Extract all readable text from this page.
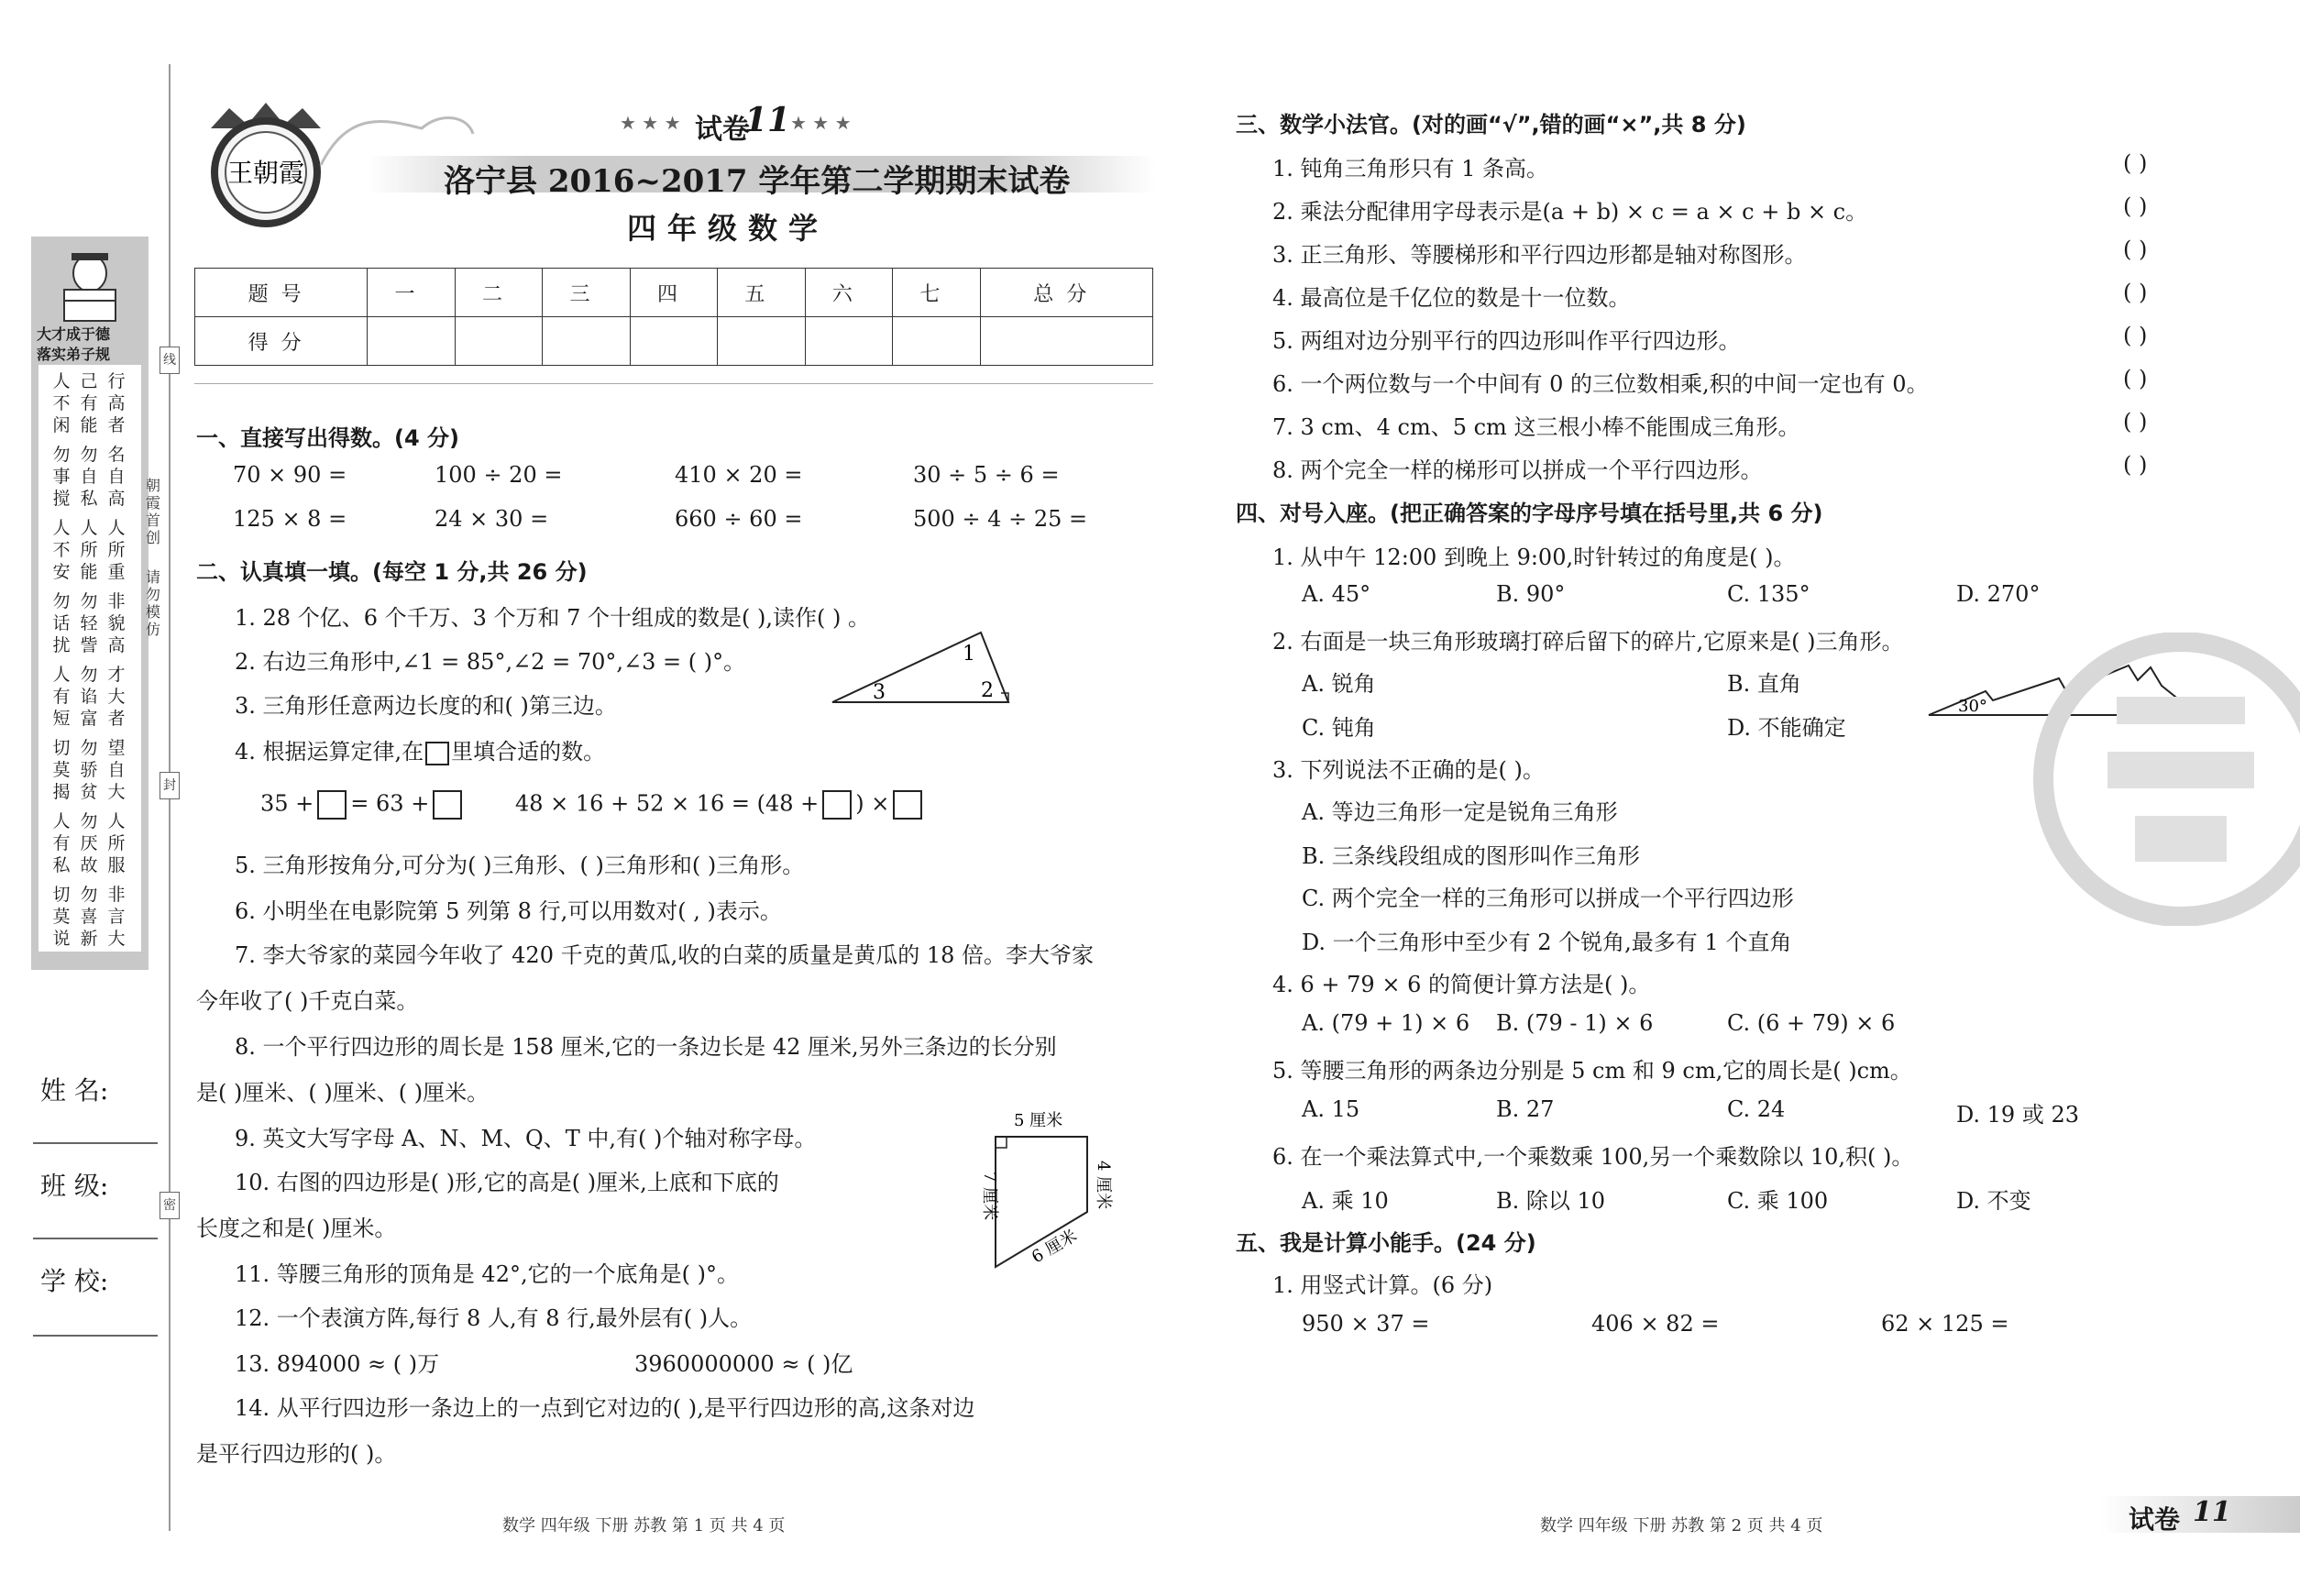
大才成于德
落实弟子规
人不闲
己有能
行高者
勿事搅
勿自私
名自高
人不安
人所能
人所重
勿话扰
勿轻訾
非貌高
人有短
勿谄富
才大者
切莫揭
勿骄贫
望自大
人有私
勿厌故
人所服
切莫说
勿喜新
非言大
朝霞首创
请勿模仿
线
封
密
姓 名:
班 级:
学 校:
王朝霞
★ ★ ★ 试卷
11 ★ ★ ★
洛宁县 2016~2017 学年第二学期期末试卷
四年级数学
题号	一	二	三	四	五	六	七	总分
得分								
一、直接写出得数。(4 分)
70 × 90 =	100 ÷ 20 =	410 × 20 =	30 ÷ 5 ÷ 6 =
125 × 8 =	24 × 30 =	660 ÷ 60 =	500 ÷ 4 ÷ 25 =
二、认真填一填。(每空 1 分,共 26 分)
1. 28 个亿、6 个千万、3 个万和 7 个十组成的数是( ),读作( ) 。
2. 右边三角形中,∠1 = 85°,∠2 = 70°,∠3 = ( )°。	1
2
3
3. 三角形任意两边长度的和( )第三边。
4. 根据运算定律,在 里填合适的数。
35 + = 63 +	48 × 16 + 52 × 16 = (48 + ) ×
5. 三角形按角分,可分为( )三角形、( )三角形和( )三角形。
6. 小明坐在电影院第 5 列第 8 行,可以用数对( , )表示。
7. 李大爷家的菜园今年收了 420 千克的黄瓜,收的白菜的质量是黄瓜的 18 倍。李大爷家
今年收了( )千克白菜。
8. 一个平行四边形的周长是 158 厘米,它的一条边长是 42 厘米,另外三条边的长分别
是( )厘米、( )厘米、( )厘米。
9. 英文大写字母 A、N、M、Q、T 中,有( )个轴对称字母。
5 厘米
4 厘米
6 厘米
7 厘米
10. 右图的四边形是( )形,它的高是( )厘米,上底和下底的
长度之和是( )厘米。
11. 等腰三角形的顶角是 42°,它的一个底角是( )°。
12. 一个表演方阵,每行 8 人,有 8 行,最外层有( )人。
13. 894000 ≈ ( )万	3960000000 ≈ ( )亿
14. 从平行四边形一条边上的一点到它对边的( ),是平行四边形的高,这条对边
是平行四边形的( )。
数学 四年级 下册 苏教 第 1 页 共 4 页
三、数学小法官。(对的画“√”,错的画“×”,共 8 分)
1. 钝角三角形只有 1 条高。	( )
2. 乘法分配律用字母表示是(a + b) × c = a × c + b × c。	( )
3. 正三角形、等腰梯形和平行四边形都是轴对称图形。	( )
4. 最高位是千亿位的数是十一位数。	( )
5. 两组对边分别平行的四边形叫作平行四边形。	( )
6. 一个两位数与一个中间有 0 的三位数相乘,积的中间一定也有 0。	( )
7. 3 cm、4 cm、5 cm 这三根小棒不能围成三角形。	( )
8. 两个完全一样的梯形可以拼成一个平行四边形。	( )
四、对号入座。(把正确答案的字母序号填在括号里,共 6 分)
1. 从中午 12:00 到晚上 9:00,时针转过的角度是( )。
A. 45°	B. 90°	C. 135°	D. 270°
2. 右面是一块三角形玻璃打碎后留下的碎片,它原来是( )三角形。
A. 锐角	B. 直角
C. 钝角	D. 不能确定
30°
3. 下列说法不正确的是( )。
A. 等边三角形一定是锐角三角形
B. 三条线段组成的图形叫作三角形
C. 两个完全一样的三角形可以拼成一个平行四边形
D. 一个三角形中至少有 2 个锐角,最多有 1 个直角
4. 6 + 79 × 6 的简便计算方法是( )。
A. (79 + 1) × 6 B. (79 - 1) × 6	C. (6 + 79) × 6
5. 等腰三角形的两条边分别是 5 cm 和 9 cm,它的周长是( )cm。
A. 15	B. 27	C. 24	D. 19 或 23
6. 在一个乘法算式中,一个乘数乘 100,另一个乘数除以 10,积( )。
A. 乘 10	B. 除以 10	C. 乘 100	D. 不变
五、我是计算小能手。(24 分)
1. 用竖式计算。(6 分)
950 × 37 =	406 × 82 =	62 × 125 =
数学 四年级 下册 苏教 第 2 页 共 4 页	试卷 11
